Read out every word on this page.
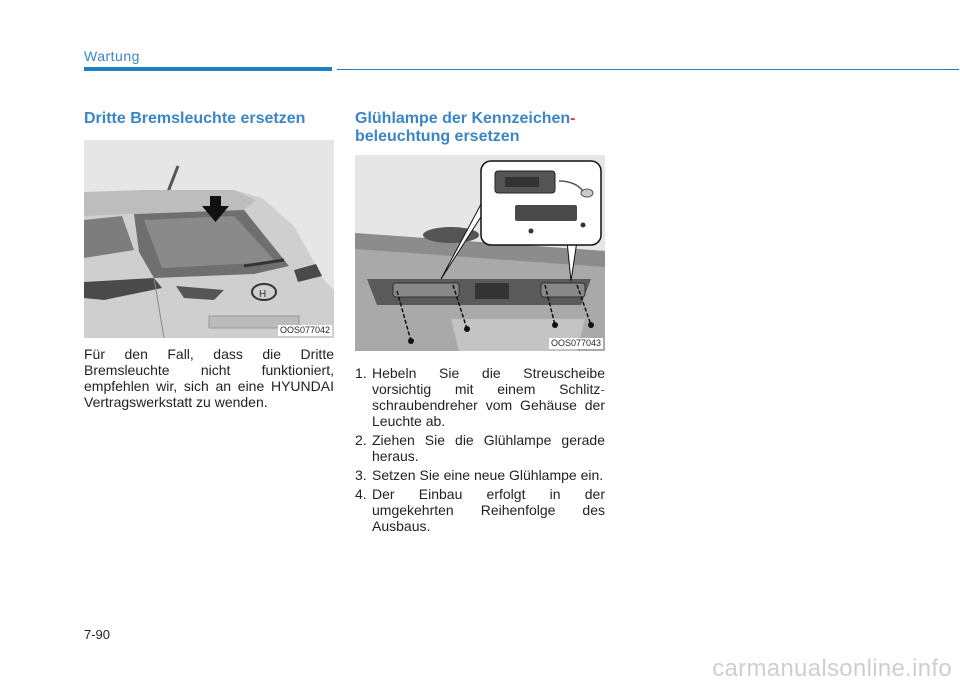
Wartung
Dritte Bremsleuchte ersetzen
H
OOS077042

Für den Fall, dass die Dritte Bremsleuchte nicht funktioniert, empfehlen wir, sich an eine HYUNDAI Vertragswerkstatt zu wenden.

Glühlampe der Kennzeichen-
beleuchtung ersetzen
OOS077043
1. Hebeln Sie die Streuscheibe vorsichtig mit einem Schlitz- schraubendreher vom Gehäuse der Leuchte ab.
2. Ziehen Sie die Glühlampe gerade heraus.
3. Setzen Sie eine neue Glühlampe ein.
4. Der Einbau erfolgt in der umgekehrten Reihenfolge des Ausbaus.
7-90
carmanualsonline.info
